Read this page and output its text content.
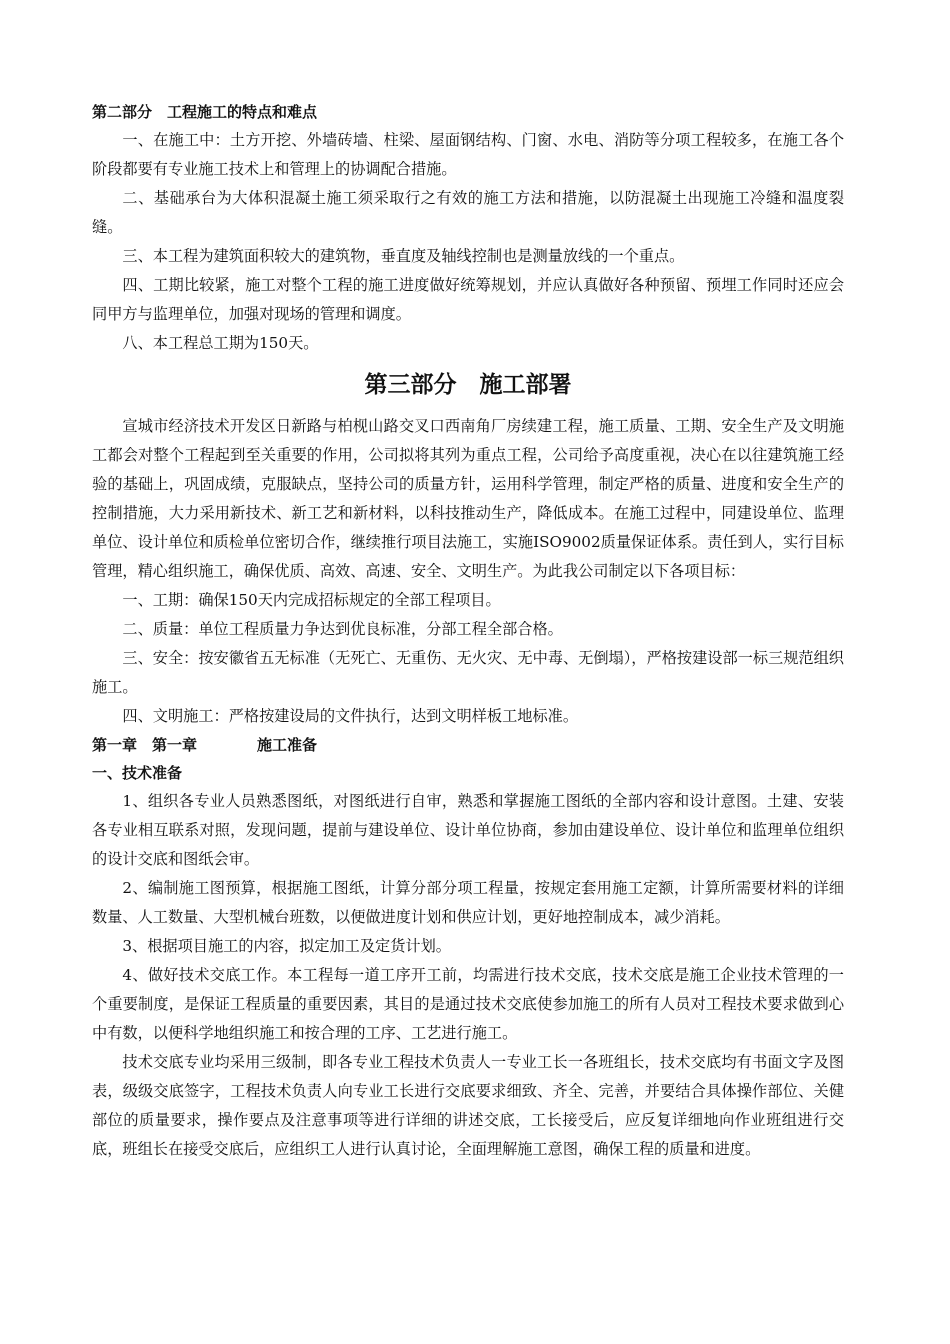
第二部分　工程施工的特点和难点

一、在施工中：土方开挖、外墙砖墙、柱梁、屋面钢结构、门窗、水电、消防等分项工程较多，在施工各个阶段都要有专业施工技术上和管理上的协调配合措施。

二、基础承台为大体积混凝土施工须采取行之有效的施工方法和措施，以防混凝土出现施工冷缝和温度裂缝。

三、本工程为建筑面积较大的建筑物，垂直度及轴线控制也是测量放线的一个重点。

四、工期比较紧，施工对整个工程的施工进度做好统筹规划，并应认真做好各种预留、预埋工作同时还应会同甲方与监理单位，加强对现场的管理和调度。

八、本工程总工期为150天。

第三部分　施工部署

宣城市经济技术开发区日新路与柏枧山路交叉口西南角厂房续建工程，施工质量、工期、安全生产及文明施工都会对整个工程起到至关重要的作用，公司拟将其列为重点工程，公司给予高度重视，决心在以往建筑施工经验的基础上，巩固成绩，克服缺点，坚持公司的质量方针，运用科学管理，制定严格的质量、进度和安全生产的控制措施，大力采用新技术、新工艺和新材料，以科技推动生产，降低成本。在施工过程中，同建设单位、监理单位、设计单位和质检单位密切合作，继续推行项目法施工，实施ISO9002质量保证体系。责任到人，实行目标管理，精心组织施工，确保优质、高效、高速、安全、文明生产。为此我公司制定以下各项目标：

一、工期：确保150天内完成招标规定的全部工程项目。

二、质量：单位工程质量力争达到优良标准，分部工程全部合格。

三、安全：按安徽省五无标准（无死亡、无重伤、无火灾、无中毒、无倒塌），严格按建设部一标三规范组织施工。

四、文明施工：严格按建设局的文件执行，达到文明样板工地标准。

第一章　第一章　　　　施工准备

一、技术准备

1、组织各专业人员熟悉图纸，对图纸进行自审，熟悉和掌握施工图纸的全部内容和设计意图。土建、安装各专业相互联系对照，发现问题，提前与建设单位、设计单位协商，参加由建设单位、设计单位和监理单位组织的设计交底和图纸会审。

2、编制施工图预算，根据施工图纸，计算分部分项工程量，按规定套用施工定额，计算所需要材料的详细数量、人工数量、大型机械台班数，以便做进度计划和供应计划，更好地控制成本，减少消耗。

3、根据项目施工的内容，拟定加工及定货计划。

4、做好技术交底工作。本工程每一道工序开工前，均需进行技术交底，技术交底是施工企业技术管理的一个重要制度，是保证工程质量的重要因素，其目的是通过技术交底使参加施工的所有人员对工程技术要求做到心中有数，以便科学地组织施工和按合理的工序、工艺进行施工。

技术交底专业均采用三级制，即各专业工程技术负责人一专业工长一各班组长，技术交底均有书面文字及图表，级级交底签字，工程技术负责人向专业工长进行交底要求细致、齐全、完善，并要结合具体操作部位、关健部位的质量要求，操作要点及注意事项等进行详细的讲述交底，工长接受后，应反复详细地向作业班组进行交底，班组长在接受交底后，应组织工人进行认真讨论，全面理解施工意图，确保工程的质量和进度。
